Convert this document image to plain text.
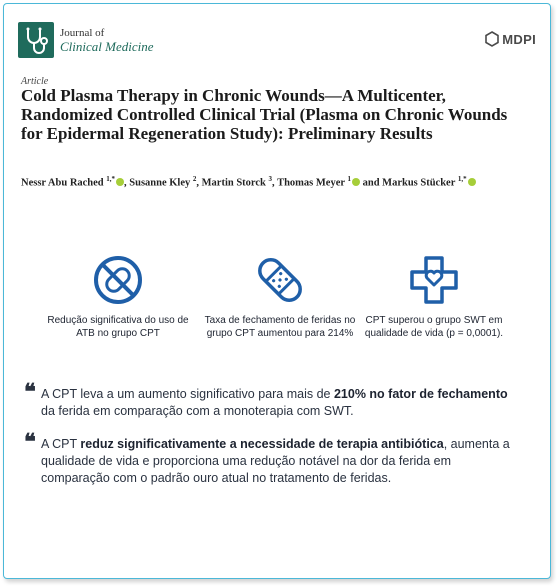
Journal of
Clinical Medicine	MDPI
Article
Cold Plasma Therapy in Chronic Wounds—A Multicenter, Randomized Controlled Clinical Trial (Plasma on Chronic Wounds for Epidermal Regeneration Study): Preliminary Results
Nessr Abu Rached $^{1,*}$ , Susanne Kley $^2$, Martin Storck $^3$, Thomas Meyer $^1$ and Markus Stücker $^{1,*}$
Redução significativa do uso de ATB no grupo CPT
Taxa de fechamento de feridas no grupo CPT aumentou para 214%
CPT superou o grupo SWT em qualidade de vida (p = 0,0001).
❝ A CPT leva a um aumento significativo para mais de 210% no fator de fechamento da ferida em comparação com a monoterapia com SWT.
❝ A CPT reduz significativamente a necessidade de terapia antibiótica, aumenta a qualidade de vida e proporciona uma redução notável na dor da ferida em comparação com o padrão ouro atual no tratamento de feridas.
